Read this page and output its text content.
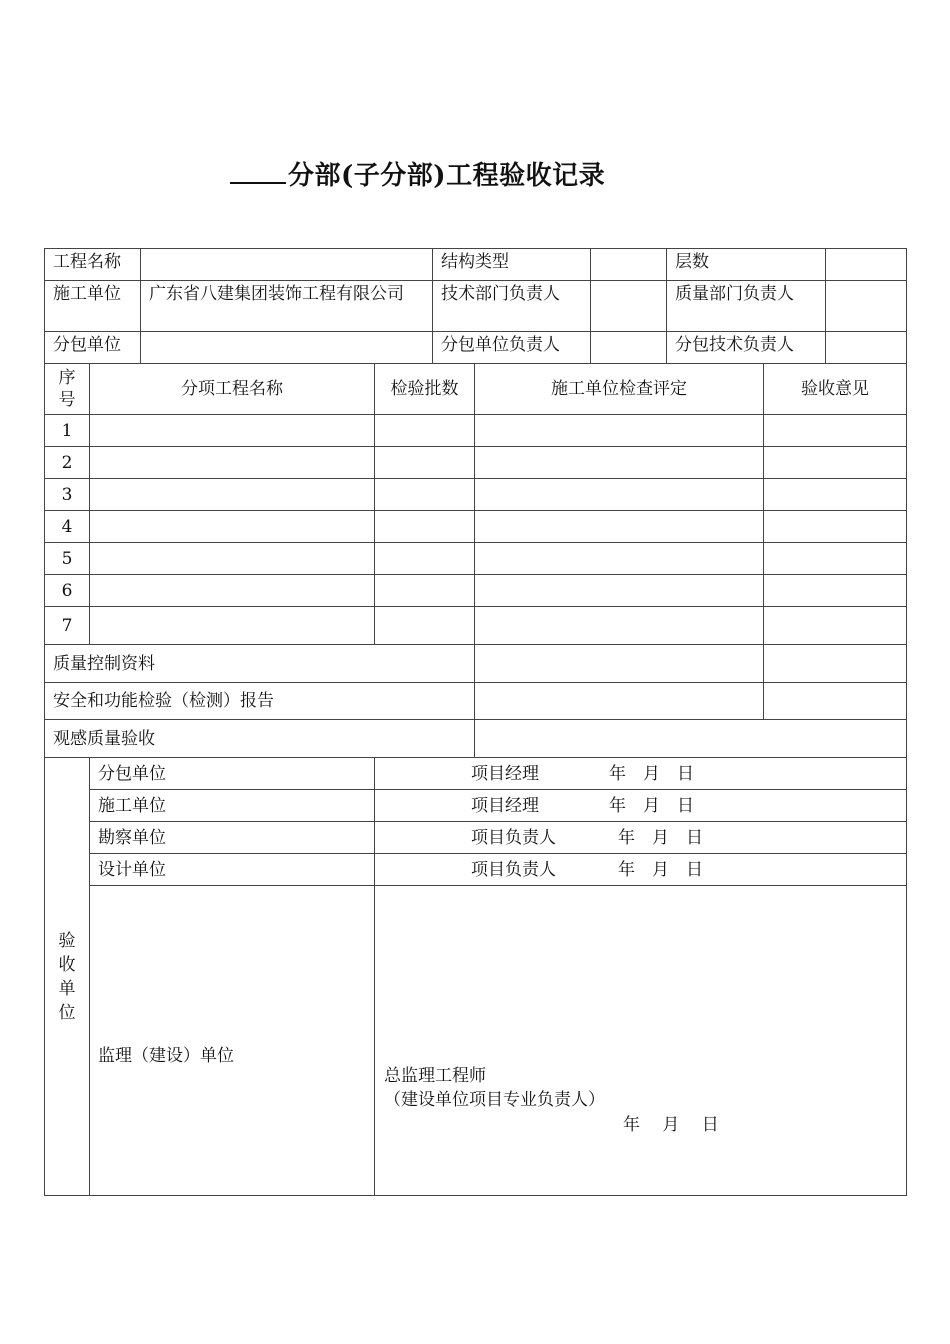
分部(子分部)工程验收记录
工程名称		结构类型		层数	
施工单位	广东省八建集团装饰工程有限公司	技术部门负责人		质量部门负责人	
分包单位		分包单位负责人		分包技术负责人	
序号	分项工程名称	检验批数	施工单位检查评定	验收意见
1				
2				
3				
4				
5				
6				
7				
质量控制资料				
安全和功能检验（检测）报告				
观感质量验收				
验收单位	分包单位	项目经理 年　月　日		

	施工单位	项目经理 年　月　日		

	勘察单位	项目负责人 年　月　日		

	设计单位	项目负责人 年　月　日		

	监理（建设）单位	总监理工程师
（建设单位项目专业负责人）
年　 月　 日		
